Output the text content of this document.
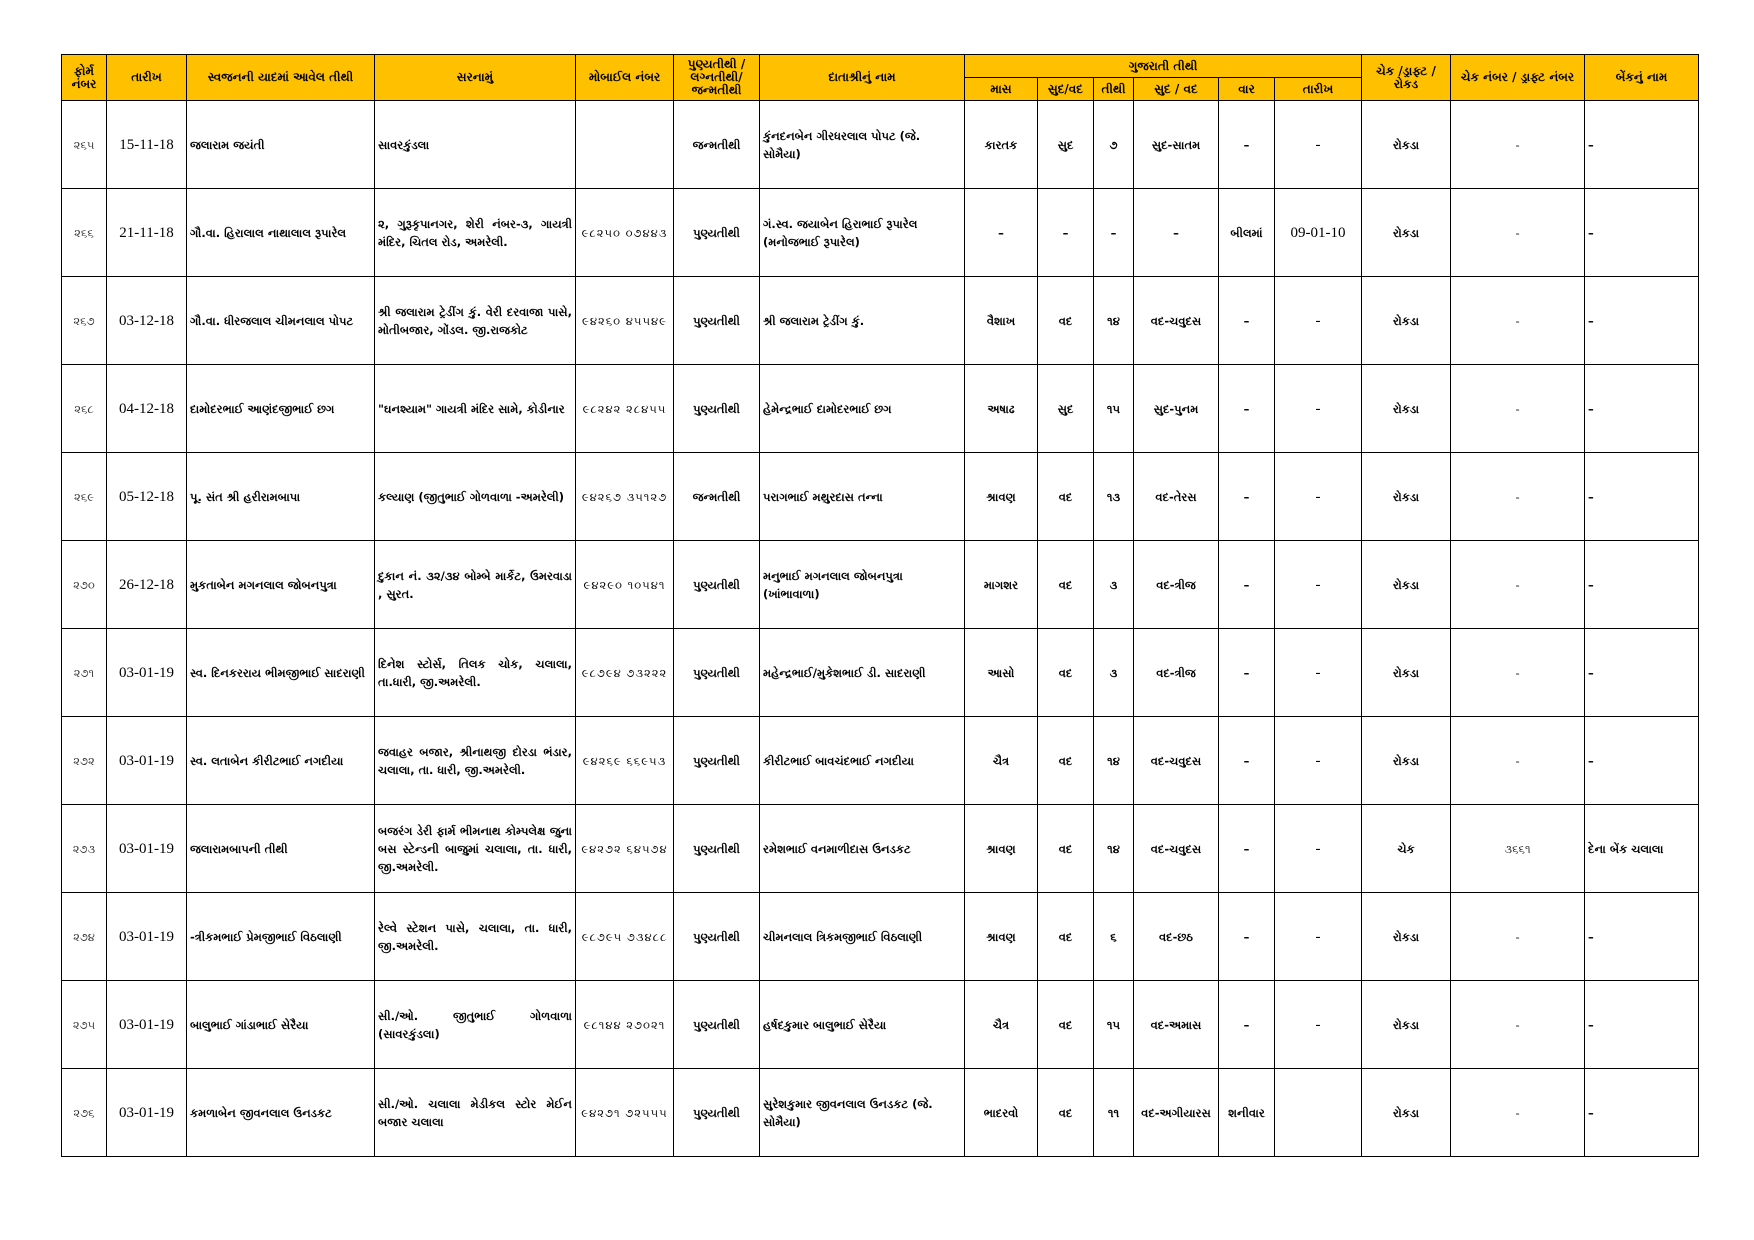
ફોર્મ નંબર	તારીખ	સ્વજનની યાદમાં આવેલ તીથી	સરનામું	મોબાઈલ નંબર	પુણ્યતીથી / લગ્નતીથી/ જન્મતીથી	દાતાશ્રીનું નામ	ગુજરાતી તીથી						ચેક /ડ્રાફ્ટ / રોકડ	ચેક નંબર / ડ્રાફ્ટ નંબર	બેંકનું નામ
							માસ	સુદ/વદ	તીથી	સુદ / વદ	વાર	તારીખ			
૨૬૫	15-11-18	જલારામ જયંતી	સાવરકુંડલા		જન્મતીથી	કુંનદનબેન ગીરધરલાલ પોપટ (જે. સોમૈયા)	કારતક	સુદ	૭	સુદ-સાતમ	–	-	રોકડા	-	–
૨૬૬	21-11-18	ગૌ.વા. હિરાલાલ નાથાલાલ રૂપારેલ	૨, ગુરૂકૃપાનગર, શેરી નંબર-૩, ગાયત્રી મંદિર, ચિતલ રોડ, અમરેલી.	૯૮૨૫૦ ૦૭૪૪૩	પુણ્યતીથી	ગં.સ્વ. જયાબેન હિરાભાઈ રૂપારેલ (મનોજભાઈ રૂપારેલ)	–	–	–	–	બીલમાં	09-01-10	રોકડા	-	–
૨૬૭	03-12-18	ગૌ.વા. ધીરજલાલ ચીમનલાલ પોપટ	શ્રી જલારામ ટ્રેડીંગ કું. વેરી દરવાજા પાસે, મોતીબજાર, ગોંડલ. જી.રાજકોટ	૯૪૨૬૦ ૪૫૫૪૯	પુણ્યતીથી	શ્રી જલારામ ટ્રેડીંગ કું.	વૈશાખ	વદ	૧૪	વદ-ચવુદસ	–	-	રોકડા	-	–
૨૬૮	04-12-18	દામોદરભાઈ આણંદજીભાઈ છગ	"ઘનશ્યામ" ગાયત્રી મંદિર સામે, કોડીનાર	૯૮૨૪૨ ૨૮૪૫૫	પુણ્યતીથી	હેમેન્દ્રભાઈ દામોદરભાઈ છગ	અષાઢ	સુદ	૧૫	સુદ-પુનમ	–	-	રોકડા	-	–
૨૬૯	05-12-18	પૂ. સંત શ્રી હરીરામબાપા	કલ્યાણ (જીતુભાઈ ગોળવાળા -અમરેલી)	૯૪૨૬૭ ૩૫૧૨૭	જન્મતીથી	પરાગભાઈ મથુરદાસ તન્ના	શ્રાવણ	વદ	૧૩	વદ-તેરસ	–	-	રોકડા	-	–
૨૭૦	26-12-18	મુકતાબેન મગનલાલ જોબનપુત્રા	દુકાન નં. ૩૨/૩૪ બોમ્બે માર્કેટ, ઉમરવાડા , સુરત.	૯૪૨૯૦ ૧૦૫૪૧	પુણ્યતીથી	મનુભાઈ મગનલાલ જોબનપુત્રા (ખાંભાવાળા)	માગશર	વદ	૩	વદ-ત્રીજ	–	-	રોકડા	-	–
૨૭૧	03-01-19	સ્વ. દિનકરરાય ભીમજીભાઈ સાદરાણી	દિનેશ સ્ટોર્સ, તિલક ચોક, ચલાલા, તા.ધારી, જી.અમરેલી.	૯૮૭૯૪ ૭૩૨૨૨	પુણ્યતીથી	મહેન્દ્રભાઈ/મુકેશભાઈ ડી. સાદરાણી	આસો	વદ	૩	વદ-ત્રીજ	–	-	રોકડા	-	–
૨૭૨	03-01-19	સ્વ. લતાબેન કીરીટભાઈ નગદીયા	જવાહર બજાર, શ્રીનાથજી દોરડા ભંડાર, ચલાલા, તા. ધારી, જી.અમરેલી.	૯૪૨૬૯ ૬૬૯૫૩	પુણ્યતીથી	કીરીટભાઈ બાવચંદભાઈ નગદીયા	ચૈત્ર	વદ	૧૪	વદ-ચવુદસ	–	-	રોકડા	-	–
૨૭૩	03-01-19	જલારામબાપની તીથી	બજરંગ ડેરી ફાર્મ ભીમનાથ કોમ્પલેક્ષ જુના બસ સ્ટેન્ડની બાજુમાં ચલાલા, તા. ધારી, જી.અમરેલી.	૯૪૨૭૨ ૬૪૫૭૪	પુણ્યતીથી	રમેશભાઈ વનમાળીદાસ ઉનડકટ	શ્રાવણ	વદ	૧૪	વદ-ચવુદસ	–	-	ચેક	૩૬૬૧	દેના બેંક ચલાલા
૨૭૪	03-01-19	-ત્રીકમભાઈ પ્રેમજીભાઈ વિઠલાણી	રેલ્વે સ્ટેશન પાસે, ચલાલા, તા. ધારી, જી.અમરેલી.	૯૮૭૯૫ ૭૩૪૮૮	પુણ્યતીથી	ચીમનલાલ ત્રિકમજીભાઈ વિઠલાણી	શ્રાવણ	વદ	૬	વદ-છઠ	–	-	રોકડા	-	–
૨૭૫	03-01-19	બાલુભાઈ ગાંડાભાઈ સેરૈયા	સી./ઓ. જીતુભાઈ ગોળવાળા (સાવરકુંડલા)	૯૮૧૪૪ ૨૭૦૨૧	પુણ્યતીથી	હર્ષદકુમાર બાલુભાઈ સેરૈયા	ચૈત્ર	વદ	૧૫	વદ-અમાસ	–	-	રોકડા	-	–
૨૭૬	03-01-19	કમળાબેન જીવનલાલ ઉનડકટ	સી./ઓ. ચલાલા મેડીકલ સ્ટોર મેઈન બજાર ચલાલા	૯૪૨૭૧ ૭૨૫૫૫	પુણ્યતીથી	સુરેશકુમાર જીવનલાલ ઉનડકટ (જે. સોમૈયા)	ભાદરવો	વદ	૧૧	વદ-અગીયારસ	શનીવાર		રોકડા	-	–
